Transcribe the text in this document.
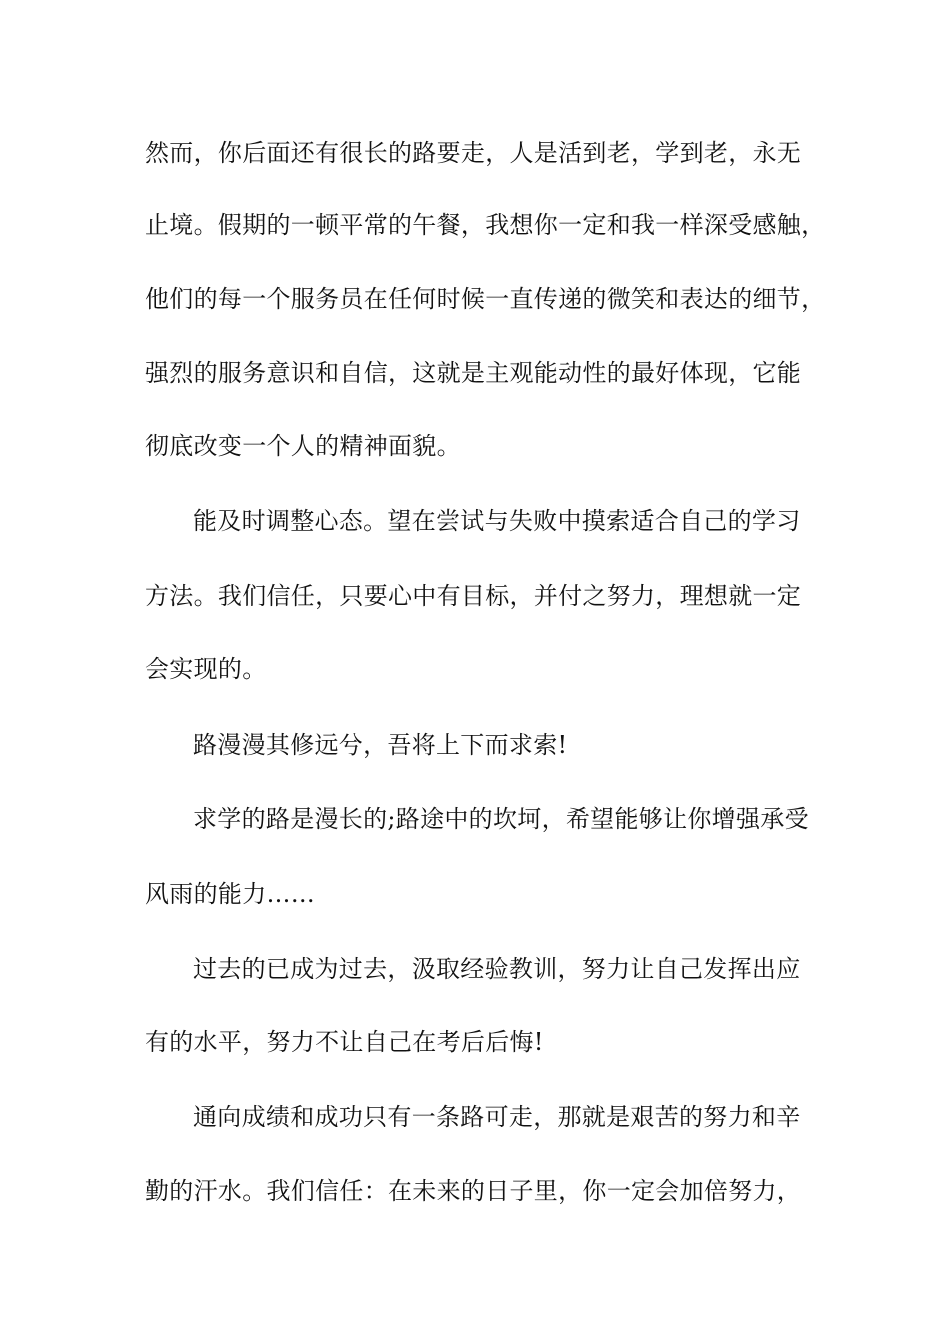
然而，你后面还有很长的路要走，人是活到老，学到老，永无
止境。假期的一顿平常的午餐，我想你一定和我一样深受感触，
他们的每一个服务员在任何时候一直传递的微笑和表达的细节，
强烈的服务意识和自信，这就是主观能动性的最好体现，它能
彻底改变一个人的精神面貌。
能及时调整心态。望在尝试与失败中摸索适合自己的学习
方法。我们信任，只要心中有目标，并付之努力，理想就一定
会实现的。
路漫漫其修远兮，吾将上下而求索!
求学的路是漫长的;路途中的坎坷，希望能够让你增强承受
风雨的能力……
过去的已成为过去，汲取经验教训，努力让自己发挥出应
有的水平，努力不让自己在考后后悔!
通向成绩和成功只有一条路可走，那就是艰苦的努力和辛
勤的汗水。我们信任：在未来的日子里，你一定会加倍努力，
